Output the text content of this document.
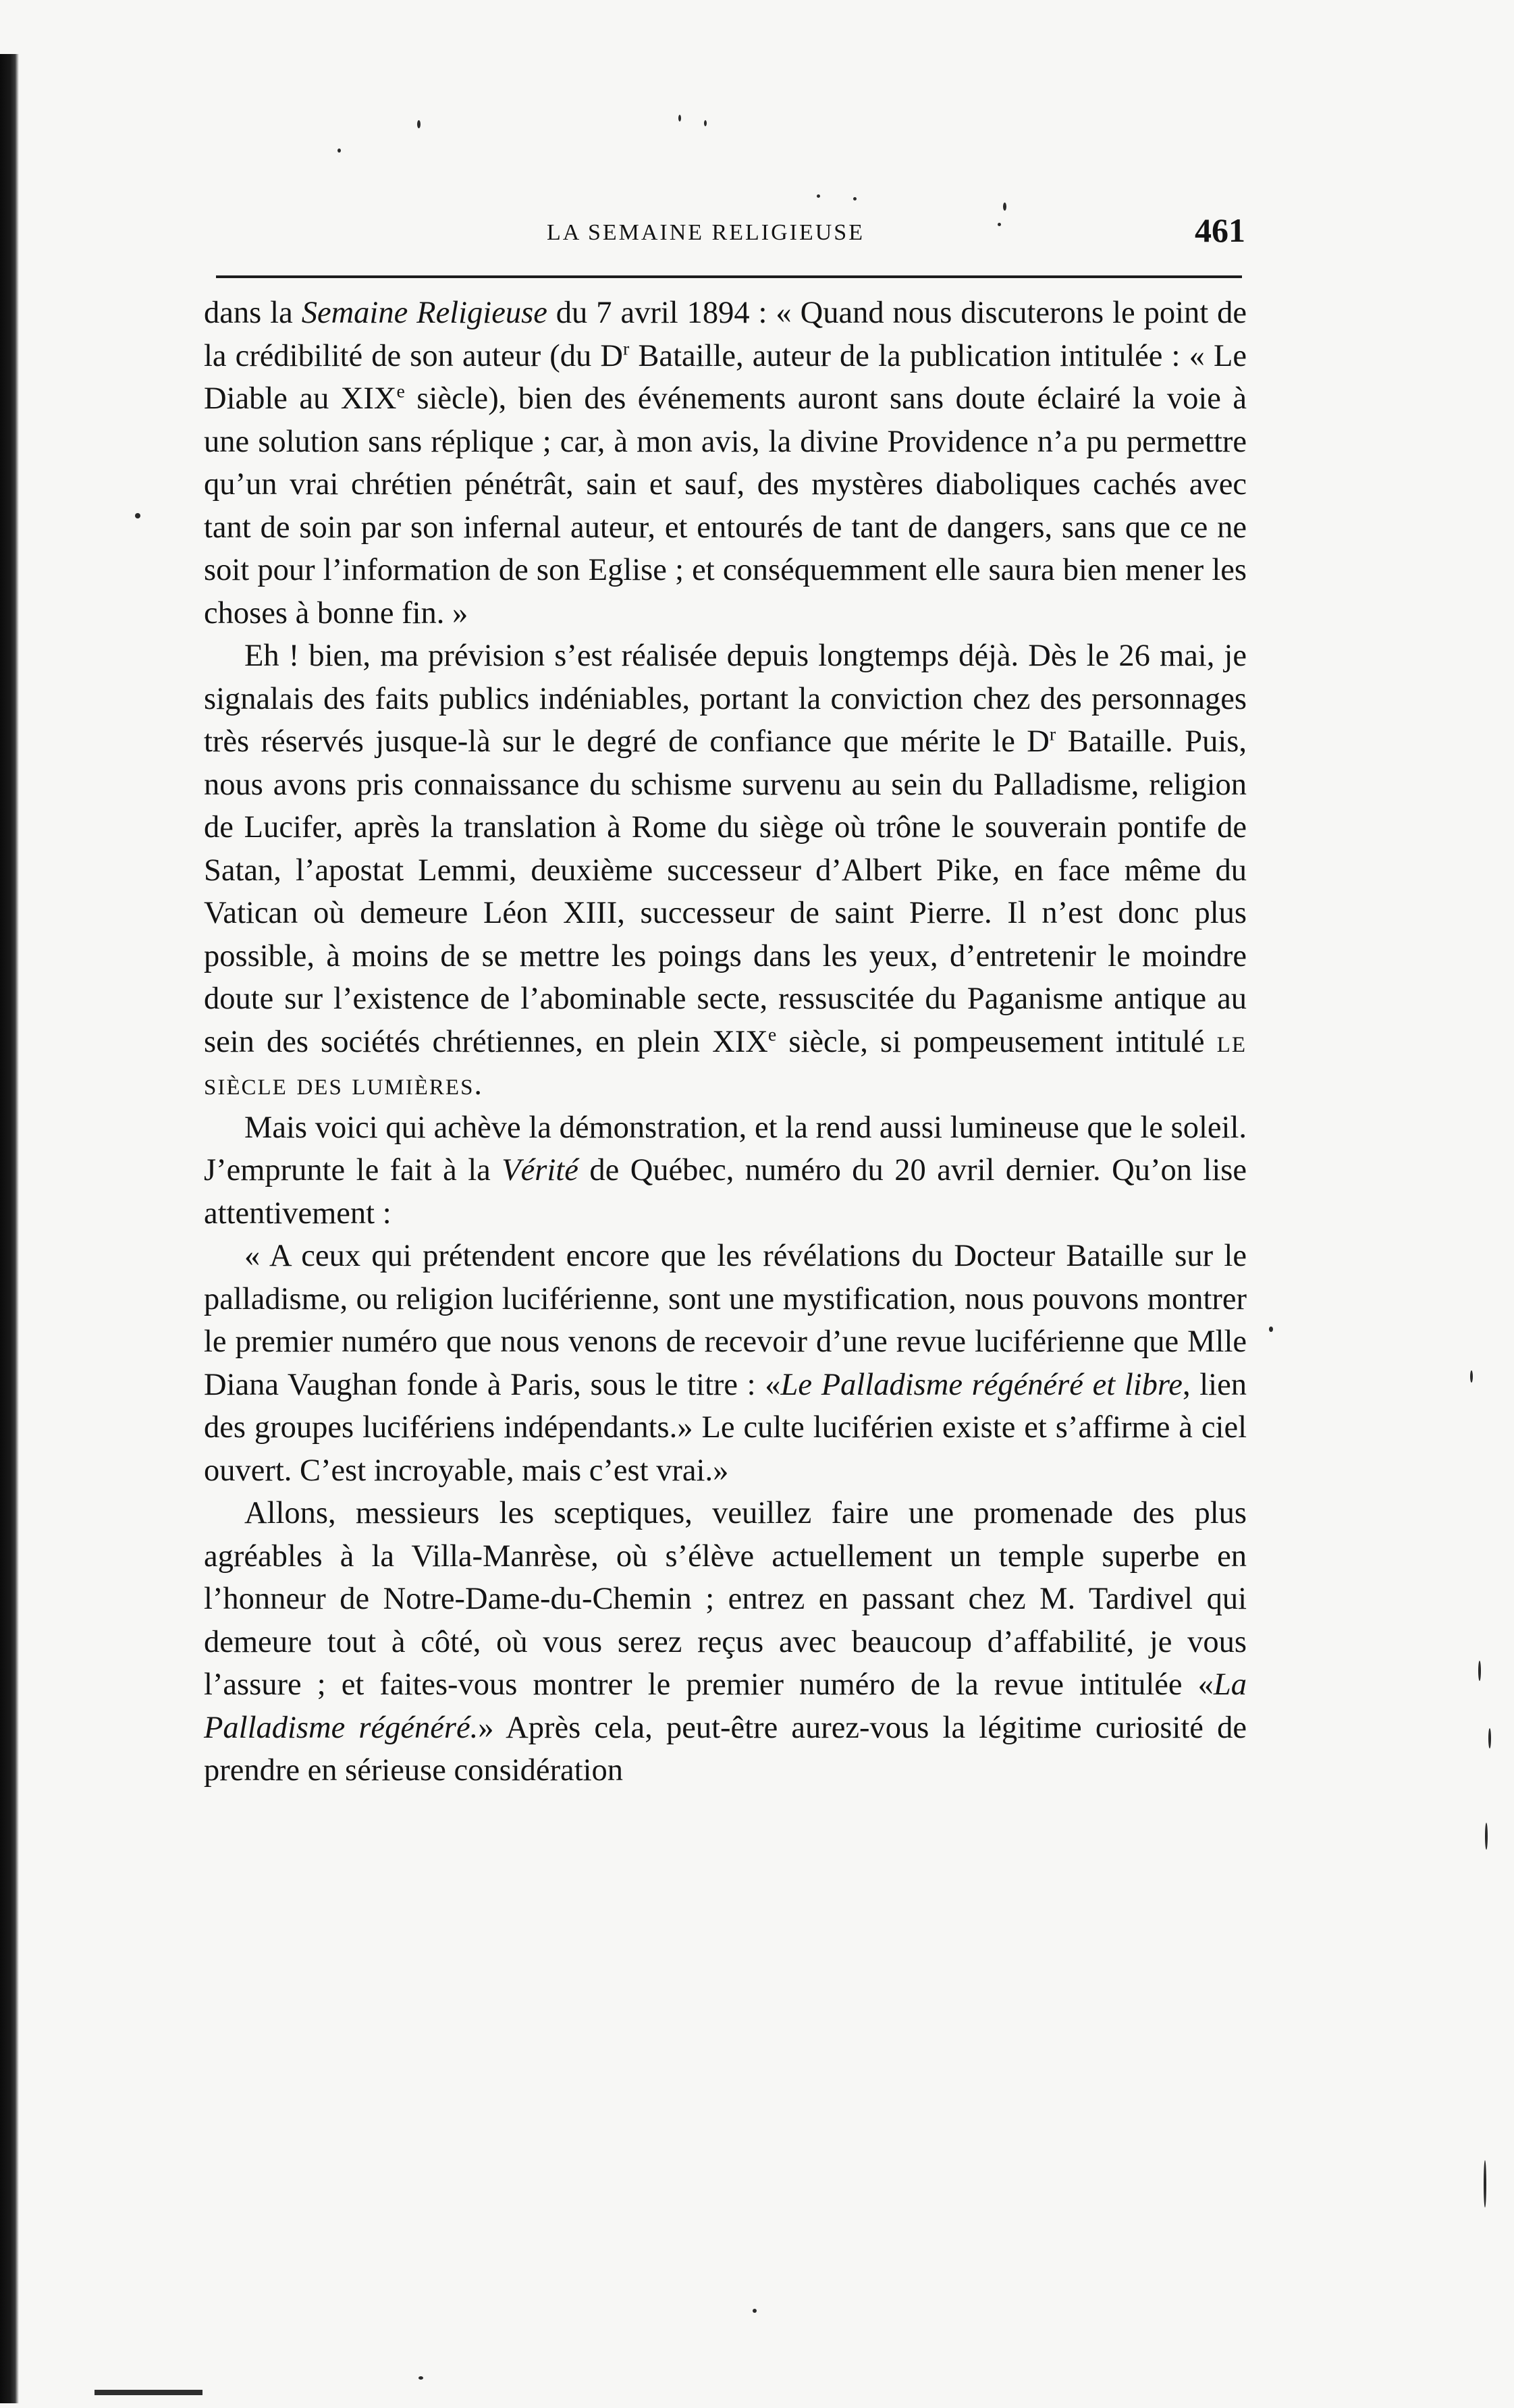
LA SEMAINE RELIGIEUSE	461

dans la Semaine Religieuse du 7 avril 1894 : « Quand nous discuterons le point de la crédibilité de son auteur (du $D^r$ Bataille, auteur de la publication intitulée : « Le Diable au XIXe siècle), bien des événements auront sans doute éclairé la voie à une solution sans réplique ; car, à mon avis, la divine Providence n’a pu permettre qu’un vrai chrétien pénétrât, sain et sauf, des mystères diaboliques cachés avec tant de soin par son infernal auteur, et entourés de tant de dangers, sans que ce ne soit pour l’information de son Eglise ; et conséquemment elle saura bien mener les choses à bonne fin. »

Eh ! bien, ma prévision s’est réalisée depuis longtemps déjà. Dès le 26 mai, je signalais des faits publics indéniables, portant la conviction chez des personnages très réservés jusque-là sur le degré de confiance que mérite le $D^r$ Bataille. Puis, nous avons pris connaissance du schisme survenu au sein du Palladisme, religion de Lucifer, après la translation à Rome du siège où trône le souverain pontife de Satan, l’apostat Lemmi, deuxième successeur d’Albert Pike, en face même du Vatican où demeure Léon XIII, successeur de saint Pierre. Il n’est donc plus possible, à moins de se mettre les poings dans les yeux, d’entretenir le moindre doute sur l’existence de l’abominable secte, ressuscitée du Paganisme antique au sein des sociétés chrétiennes, en plein XIXe siècle, si pompeusement intitulé le siècle des lumières.

Mais voici qui achève la démonstration, et la rend aussi lumineuse que le soleil. J’emprunte le fait à la Vérité de Québec, numéro du 20 avril dernier. Qu’on lise attentivement :

« A ceux qui prétendent encore que les révélations du Docteur Bataille sur le palladisme, ou religion luciférienne, sont une mystification, nous pouvons montrer le premier numéro que nous venons de recevoir d’une revue luciférienne que Mlle Diana Vaughan fonde à Paris, sous le titre : «Le Palladisme régénéré et libre, lien des groupes lucifériens indépendants.» Le culte luciférien existe et s’affirme à ciel ouvert. C’est incroyable, mais c’est vrai.»

Allons, messieurs les sceptiques, veuillez faire une promenade des plus agréables à la Villa-Manrèse, où s’élève actuellement un temple superbe en l’honneur de Notre-Dame-du-Chemin ; entrez en passant chez M. Tardivel qui demeure tout à côté, où vous serez reçus avec beaucoup d’affabilité, je vous l’assure ; et faites-vous montrer le premier numéro de la revue intitulée «La Palladisme régénéré.» Après cela, peut-être aurez-vous la légitime curiosité de prendre en sérieuse considération
